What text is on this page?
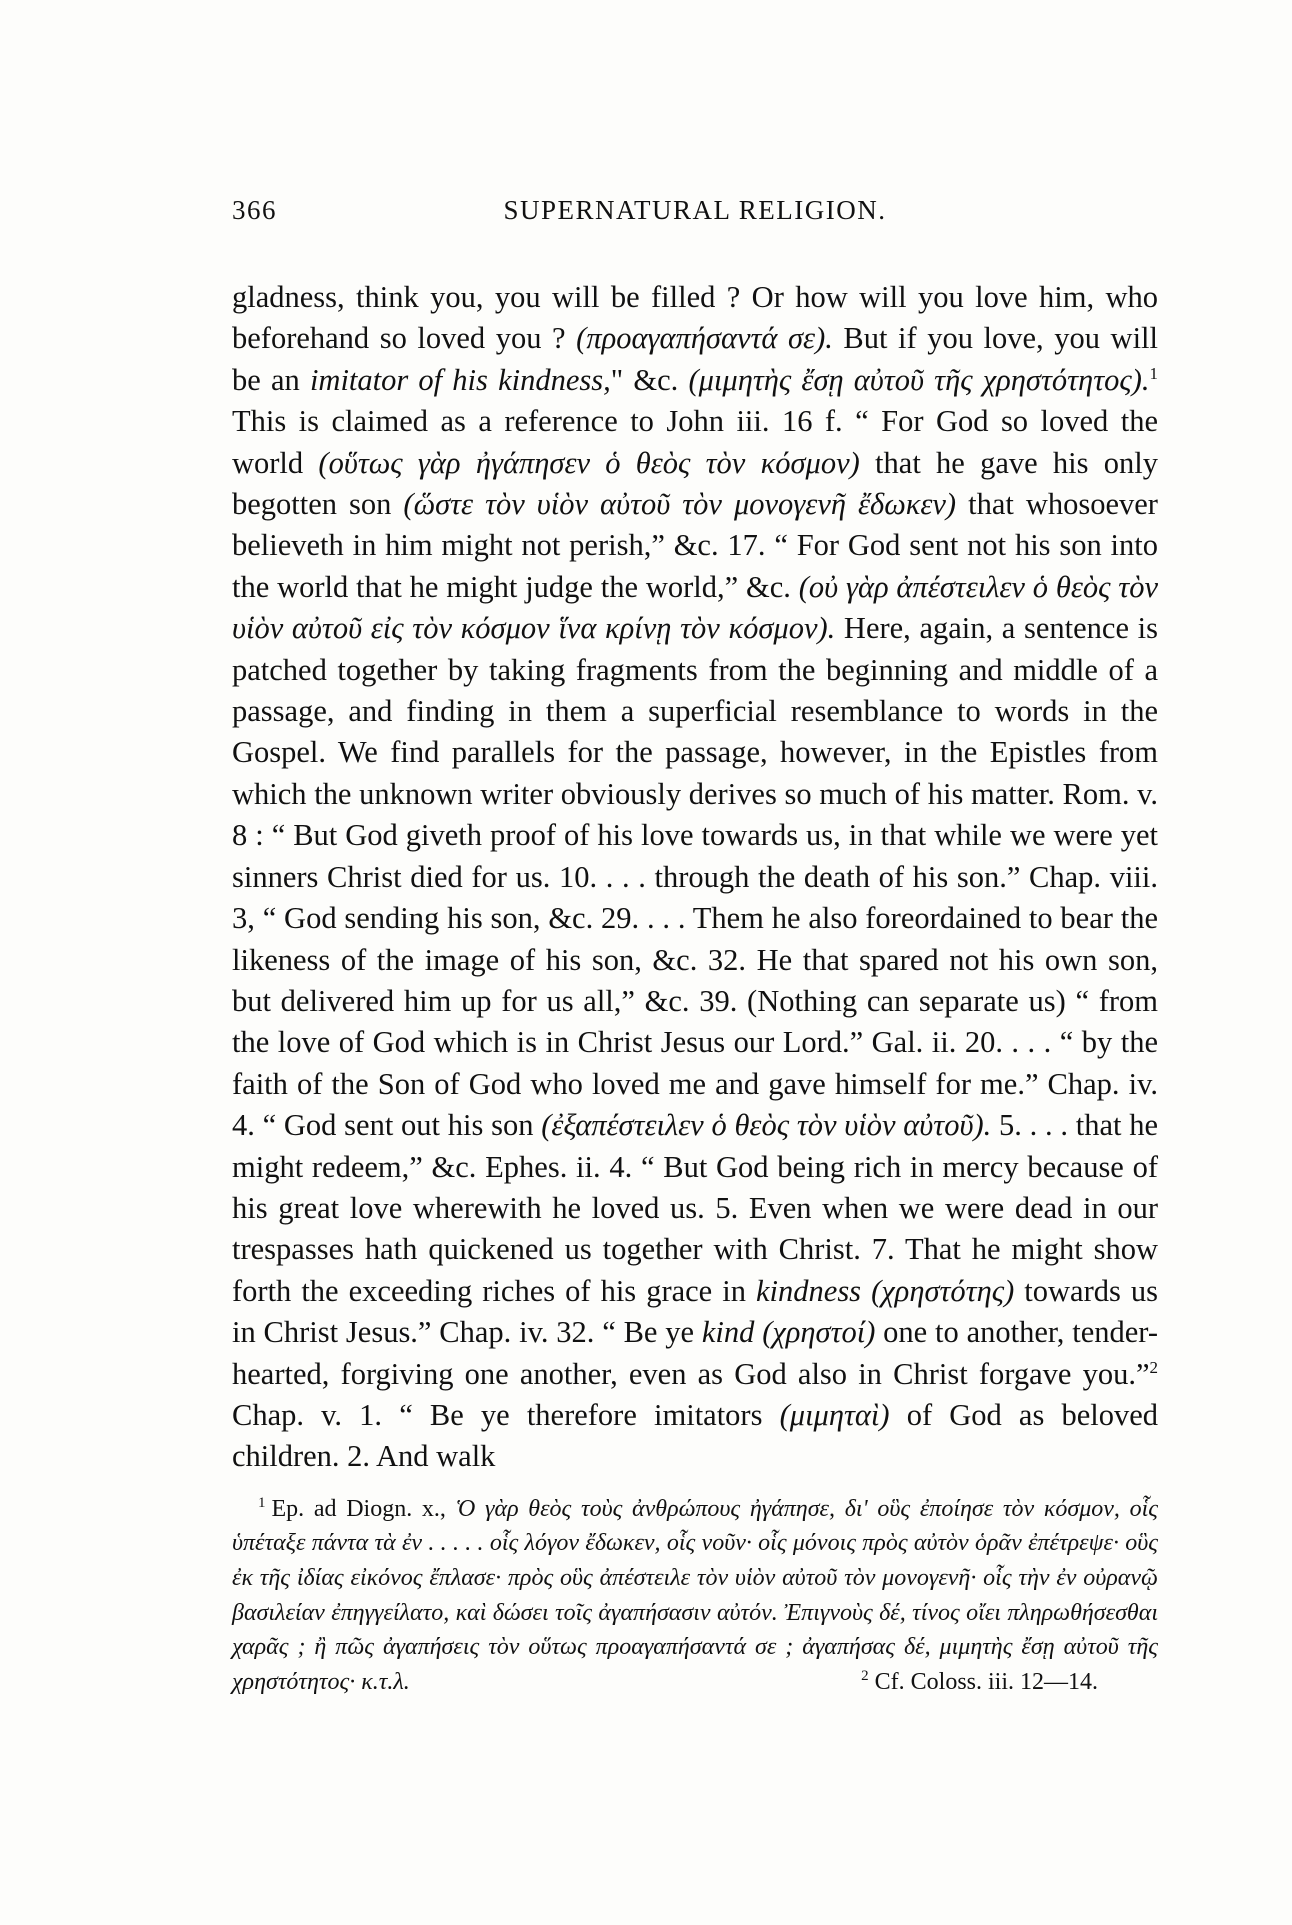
366	SUPERNATURAL RELIGION.

gladness, think you, you will be filled ? Or how will you love him, who beforehand so loved you ? (προαγαπήσαντά σε). But if you love, you will be an imitator of his kindness," &c. (μιμητὴς ἔσῃ αὐτοῦ τῆς χρηστότητος).$^1$ This is claimed as a reference to John iii. 16 f. “ For God so loved the world (οὕτως γὰρ ἠγάπησεν ὁ θεὸς τὸν κόσμον) that he gave his only begotten son (ὥστε τὸν υἱὸν αὐτοῦ τὸν μονογενῆ ἔδωκεν) that whosoever believeth in him might not perish,” &c. 17. “ For God sent not his son into the world that he might judge the world,” &c. (οὐ γὰρ ἀπέστειλεν ὁ θεὸς τὸν υἱὸν αὐτοῦ εἰς τὸν κόσμον ἵνα κρίνῃ τὸν κόσμον). Here, again, a sentence is patched together by taking fragments from the beginning and middle of a passage, and finding in them a superficial resemblance to words in the Gospel. We find parallels for the passage, however, in the Epistles from which the unknown writer obviously derives so much of his matter. Rom. v. 8 : “ But God giveth proof of his love towards us, in that while we were yet sinners Christ died for us. 10. . . . through the death of his son.” Chap. viii. 3, “ God sending his son, &c. 29. . . . Them he also foreordained to bear the likeness of the image of his son, &c. 32. He that spared not his own son, but delivered him up for us all,” &c. 39. (Nothing can separate us) “ from the love of God which is in Christ Jesus our Lord.” Gal. ii. 20. . . . “ by the faith of the Son of God who loved me and gave himself for me.” Chap. iv. 4. “ God sent out his son (ἐξαπέστειλεν ὁ θεὸς τὸν υἱὸν αὐτοῦ). 5. . . . that he might redeem,” &c. Ephes. ii. 4. “ But God being rich in mercy because of his great love wherewith he loved us. 5. Even when we were dead in our trespasses hath quickened us together with Christ. 7. That he might show forth the exceeding riches of his grace in kindness (χρηστότης) towards us in Christ Jesus.” Chap. iv. 32. “ Be ye kind (χρηστοί) one to another, tender-hearted, forgiving one another, even as God also in Christ forgave you.”$^2$ Chap. v. 1. “ Be ye therefore imitators (μιμηταὶ) of God as beloved children. 2. And walk

$^1$ Ep. ad Diogn. x., Ὁ γὰρ θεὸς τοὺς ἀνθρώπους ἠγάπησε, δι' οὓς ἐποίησε τὸν κόσμον, οἷς ὑπέταξε πάντα τὰ ἐν . . . . . οἷς λόγον ἔδωκεν, οἷς νοῦν· οἷς μόνοις πρὸς αὐτὸν ὁρᾶν ἐπέτρεψε· οὓς ἐκ τῆς ἰδίας εἰκόνος ἔπλασε· πρὸς οὓς ἀπέστειλε τὸν υἱὸν αὐτοῦ τὸν μονογενῆ· οἷς τὴν ἐν οὐρανῷ βασιλείαν ἐπηγγείλατο, καὶ δώσει τοῖς ἀγαπήσασιν αὐτόν. Ἐπιγνοὺς δέ, τίνος οἴει πληρωθήσεσθαι χαρᾶς ; ἢ πῶς ἀγαπήσεις τὸν οὕτως προαγαπήσαντά σε ; ἀγαπήσας δέ, μιμητὴς ἔσῃ αὐτοῦ τῆς χρηστότητος· κ.τ.λ.	$^2$ Cf. Coloss. iii. 12—14.
